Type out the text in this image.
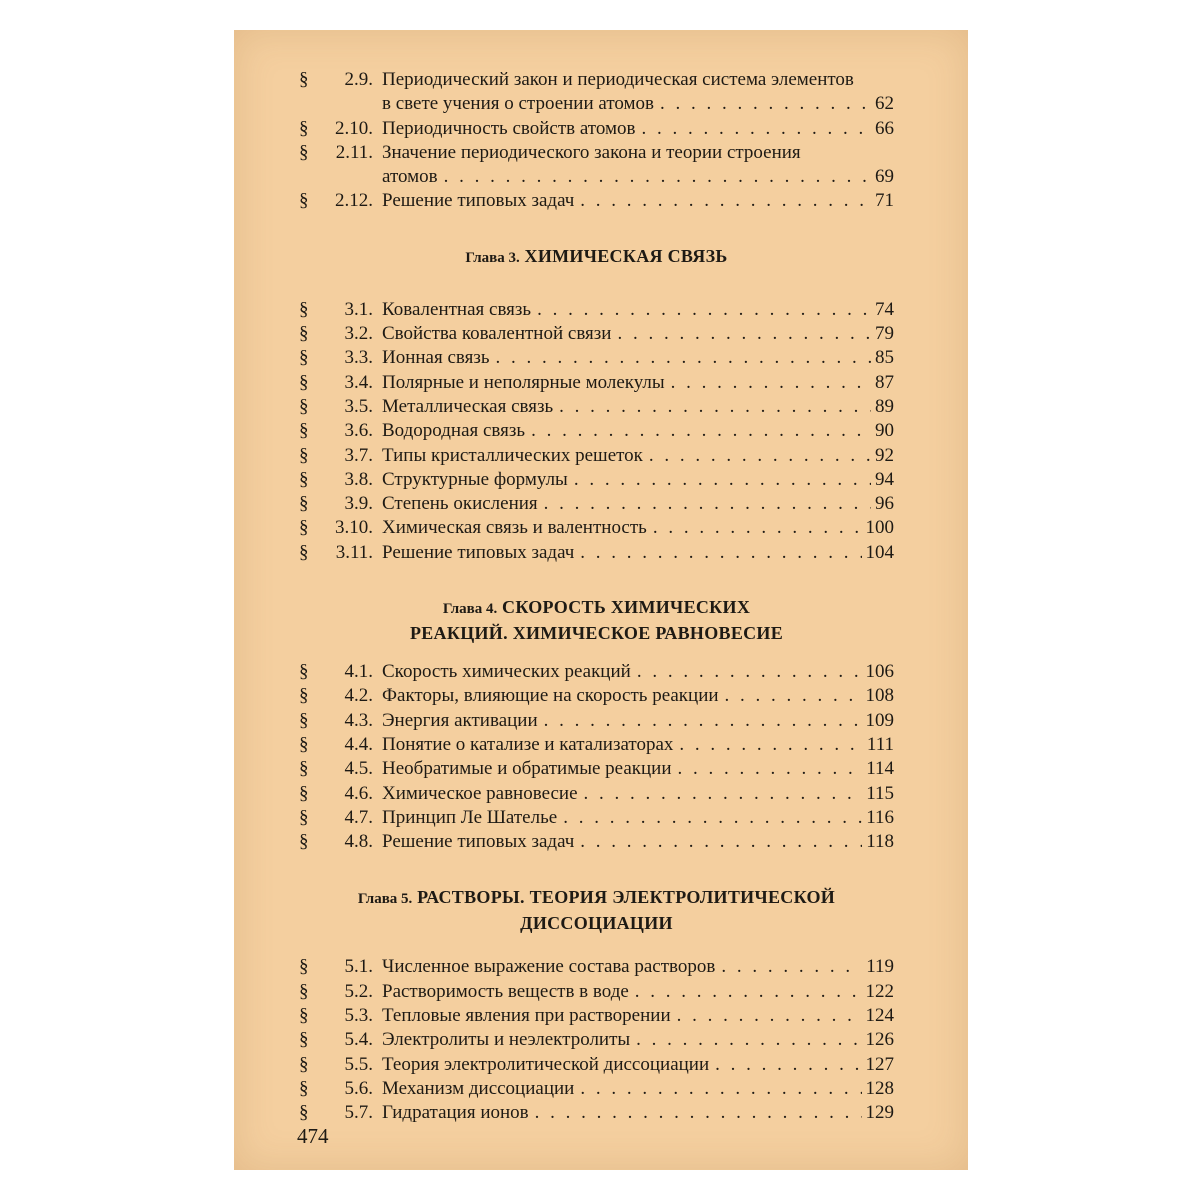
§	2.9. Периодический закон и периодическая система элементов
в свете учения о строении атомов . . .	62
§	2.10. Периодичность свойств атомов . . .	66
§	2.11. Значение периодического закона и теории строения
атомов . . .	69
§	2.12. Решение типовых задач . . .	71
Глава 3. ХИМИЧЕСКАЯ СВЯЗЬ
§	3.1. Ковалентная связь . . .	74
§	3.2. Свойства ковалентной связи . . .	79
§	3.3. Ионная связь . . .	85
§	3.4. Полярные и неполярные молекулы . . .	87
§	3.5. Металлическая связь . . .	89
§	3.6. Водородная связь . . .	90
§	3.7. Типы кристаллических решеток . . .	92
§	3.8. Структурные формулы . . .	94
§	3.9. Степень окисления . . .	96
§	3.10. Химическая связь и валентность . . .	100
§	3.11. Решение типовых задач . . .	104
Глава 4. СКОРОСТЬ ХИМИЧЕСКИХ
РЕАКЦИЙ. ХИМИЧЕСКОЕ РАВНОВЕСИЕ
§	4.1. Скорость химических реакций . . .	106
§	4.2. Факторы, влияющие на скорость реакции . . .	108
§	4.3. Энергия активации . . .	109
§	4.4. Понятие о катализе и катализаторах . . .	111
§	4.5. Необратимые и обратимые реакции . . .	114
§	4.6. Химическое равновесие . . .	115
§	4.7. Принцип Ле Шателье . . .	116
§	4.8. Решение типовых задач . . .	118
Глава 5. РАСТВОРЫ. ТЕОРИЯ ЭЛЕКТРОЛИТИЧЕСКОЙ
ДИССОЦИАЦИИ
§	5.1. Численное выражение состава растворов . . .	119
§	5.2. Растворимость веществ в воде . . .	122
§	5.3. Тепловые явления при растворении . . .	124
§	5.4. Электролиты и неэлектролиты . . .	126
§	5.5. Теория электролитической диссоциации . . .	127
§	5.6. Механизм диссоциации . . .	128
§	5.7. Гидратация ионов . . .	129
474
